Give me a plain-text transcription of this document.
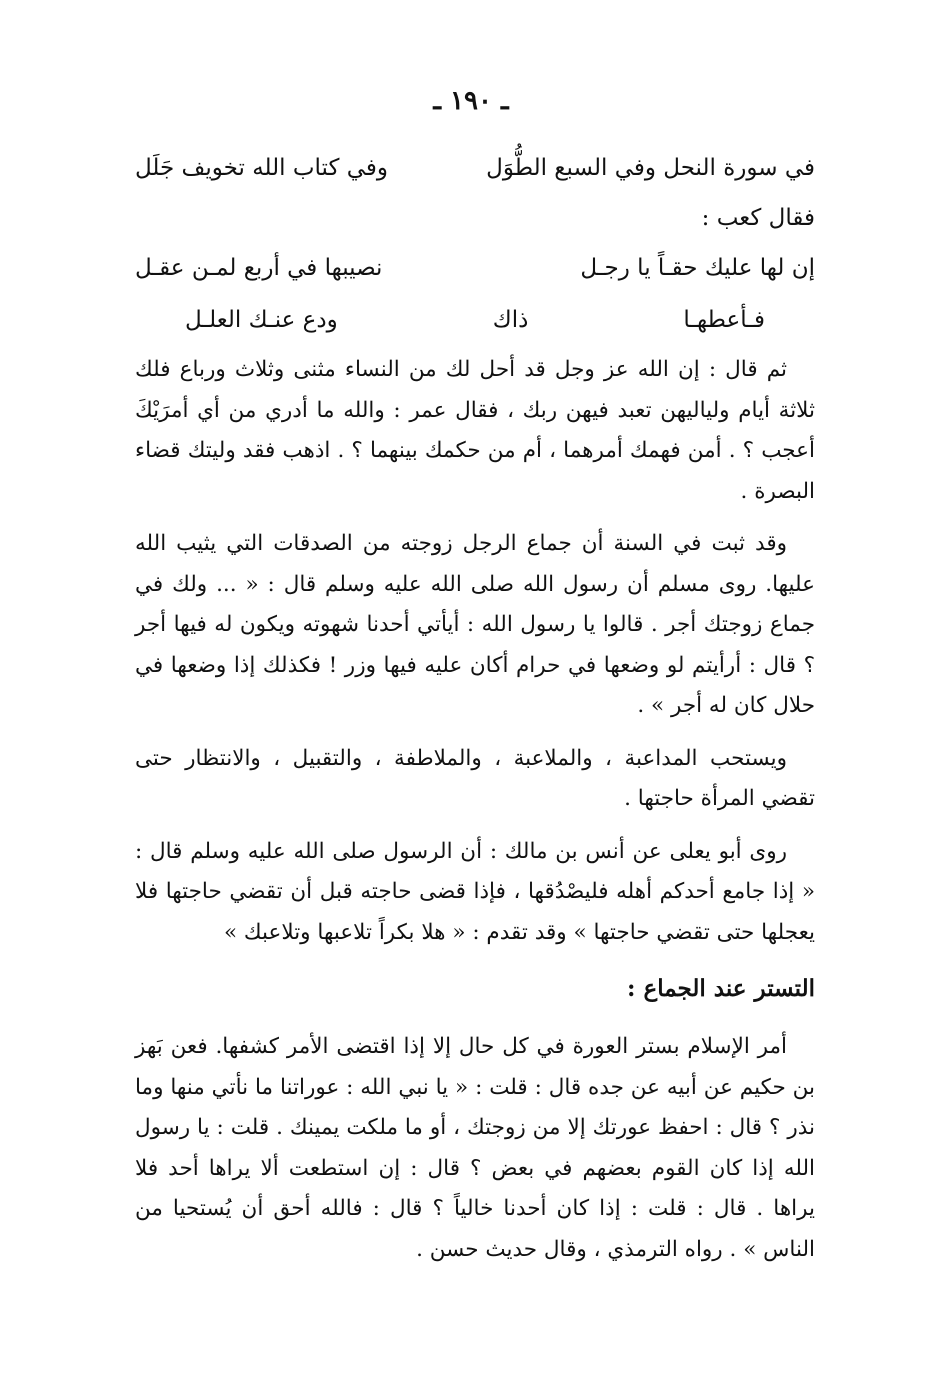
ـ ١٩٠ ـ
في سورة النحل وفي السبع الطُّوَل
وفي كتاب الله تخويف جَلَل
فقال كعب :
إن لها عليك حقـاً يا رجـل
نصيبها في أربع لمـن عقـل
فـأعطهـا
ذاك
ودع عنـك العلـل

ثم قال : إن الله عز وجل قد أحل لك من النساء مثنى وثلاث ورباع فلك ثلاثة أيام ولياليهن تعبد فيهن ربك ، فقال عمر : والله ما أدري من أي أمرَيْكَ أعجب ؟ . أمن فهمك أمرهما ، أم من حكمك بينهما ؟ . اذهب فقد وليتك قضاء البصرة .

وقد ثبت في السنة أن جماع الرجل زوجته من الصدقات التي يثيب الله عليها. روى مسلم أن رسول الله صلى الله عليه وسلم قال : « ... ولك في جماع زوجتك أجر . قالوا يا رسول الله : أيأتي أحدنا شهوته ويكون له فيها أجر ؟ قال : أرأيتم لو وضعها في حرام أكان عليه فيها وزر ! فكذلك إذا وضعها في حلال كان له أجر » .

ويستحب المداعبة ، والملاعبة ، والملاطفة ، والتقبيل ، والانتظار حتى تقضي المرأة حاجتها .

روى أبو يعلى عن أنس بن مالك : أن الرسول صلى الله عليه وسلم قال : « إذا جامع أحدكم أهله فليصْدُقها ، فإذا قضى حاجته قبل أن تقضي حاجتها فلا يعجلها حتى تقضي حاجتها » وقد تقدم : « هلا بكراً تلاعبها وتلاعبك »

التستر عند الجماع :

أمر الإسلام بستر العورة في كل حال إلا إذا اقتضى الأمر كشفها. فعن بَهز بن حكيم عن أبيه عن جده قال : قلت : « يا نبي الله : عوراتنا ما نأتي منها وما نذر ؟ قال : احفظ عورتك إلا من زوجتك ، أو ما ملكت يمينك . قلت : يا رسول الله إذا كان القوم بعضهم في بعض ؟ قال : إن استطعت ألا يراها أحد فلا يراها . قال : قلت : إذا كان أحدنا خالياً ؟ قال : فالله أحق أن يُستحيا من الناس » . رواه الترمذي ، وقال حديث حسن .
